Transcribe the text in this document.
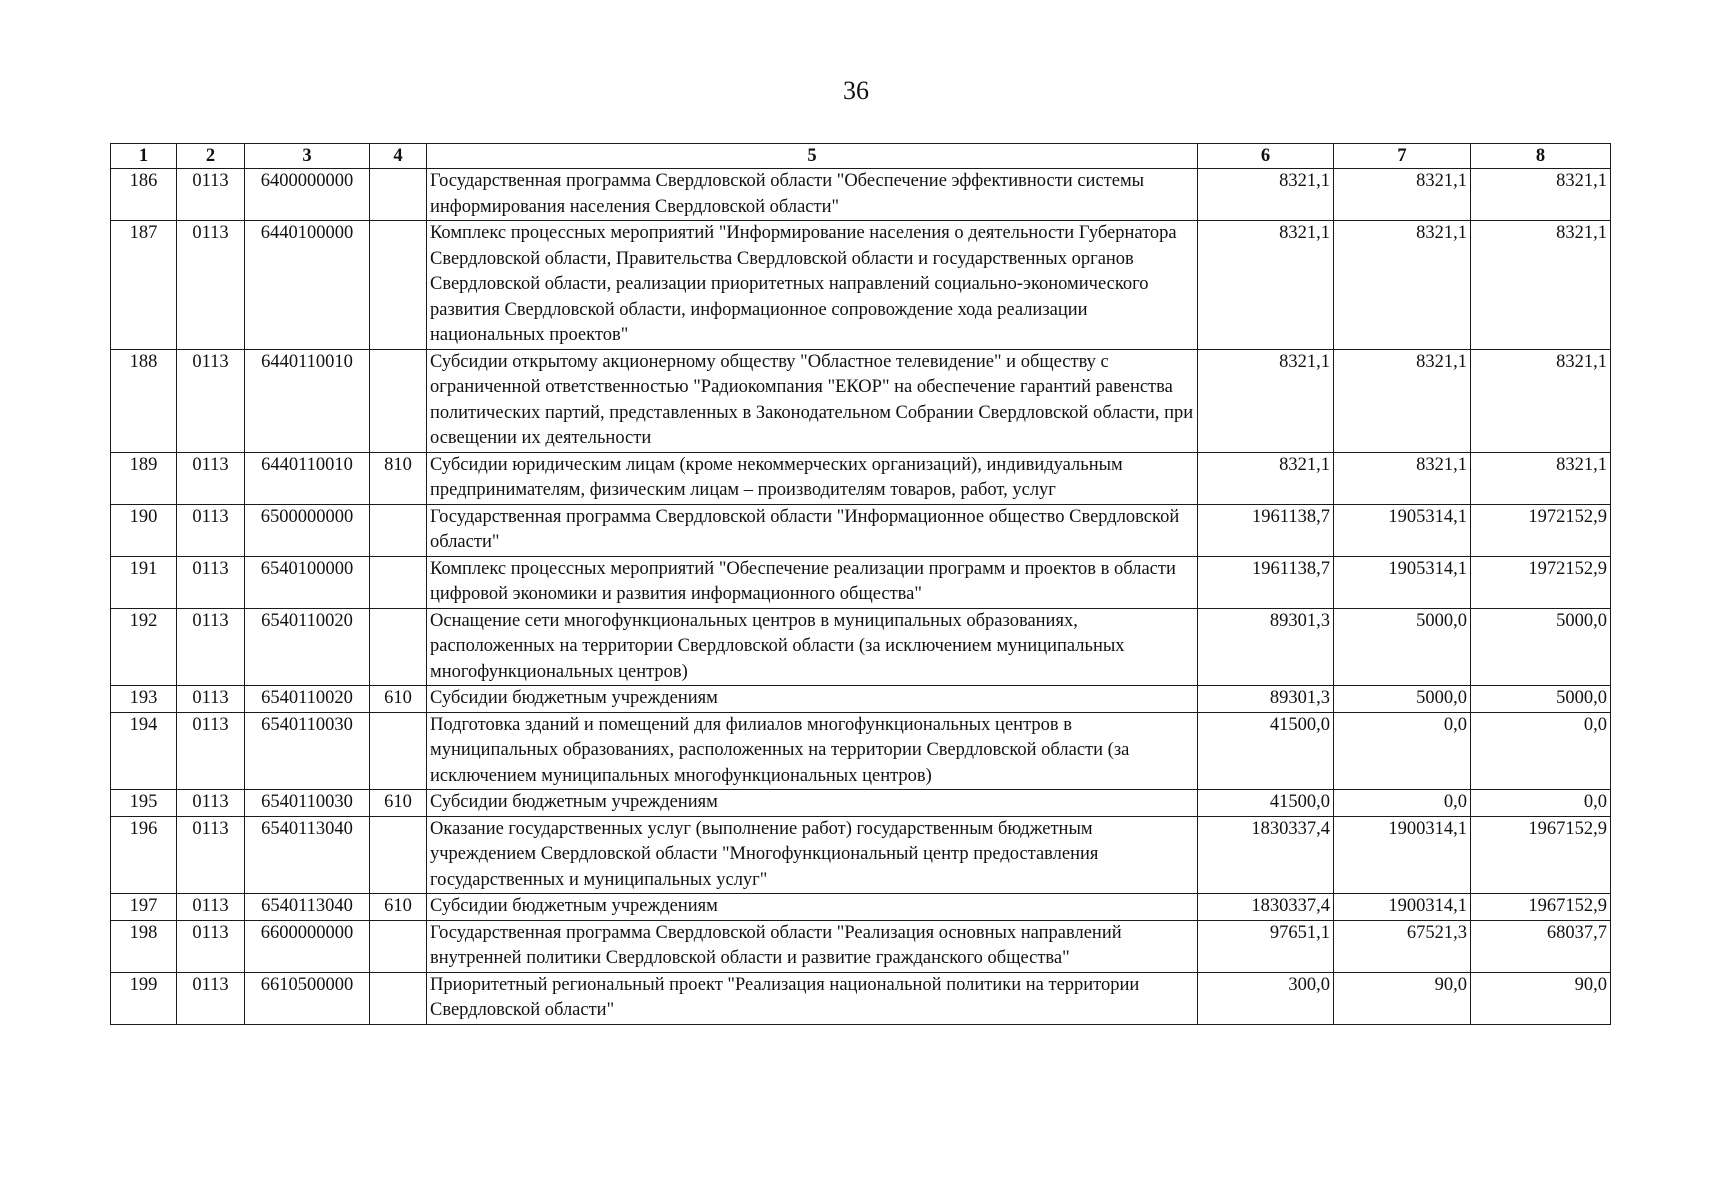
36
1	2	3	4	5	6	7	8
186	0113	6400000000		Государственная программа Свердловской области "Обеспечение эффективности системы информирования населения Свердловской области"	8321,1	8321,1	8321,1
187	0113	6440100000		Комплекс процессных мероприятий "Информирование населения о деятельности Губернатора Свердловской области, Правительства Свердловской области и государственных органов Свердловской области, реализации приоритетных направлений социально-экономического развития Свердловской области, информационное сопровождение хода реализации национальных проектов"	8321,1	8321,1	8321,1
188	0113	6440110010		Субсидии открытому акционерному обществу "Областное телевидение" и обществу с ограниченной ответственностью "Радиокомпания "ЕКОР" на обеспечение гарантий равенства политических партий, представленных в Законодательном Собрании Свердловской области, при освещении их деятельности	8321,1	8321,1	8321,1
189	0113	6440110010	810	Субсидии юридическим лицам (кроме некоммерческих организаций), индивидуальным предпринимателям, физическим лицам – производителям товаров, работ, услуг	8321,1	8321,1	8321,1
190	0113	6500000000		Государственная программа Свердловской области "Информационное общество Свердловской области"	1961138,7	1905314,1	1972152,9
191	0113	6540100000		Комплекс процессных мероприятий "Обеспечение реализации программ и проектов в области цифровой экономики и развития информационного общества"	1961138,7	1905314,1	1972152,9
192	0113	6540110020		Оснащение сети многофункциональных центров в муниципальных образованиях, расположенных на территории Свердловской области (за исключением муниципальных многофункциональных центров)	89301,3	5000,0	5000,0
193	0113	6540110020	610	Субсидии бюджетным учреждениям	89301,3	5000,0	5000,0
194	0113	6540110030		Подготовка зданий и помещений для филиалов многофункциональных центров в муниципальных образованиях, расположенных на территории Свердловской области (за исключением муниципальных многофункциональных центров)	41500,0	0,0	0,0
195	0113	6540110030	610	Субсидии бюджетным учреждениям	41500,0	0,0	0,0
196	0113	6540113040		Оказание государственных услуг (выполнение работ) государственным бюджетным учреждением Свердловской области "Многофункциональный центр предоставления государственных и муниципальных услуг"	1830337,4	1900314,1	1967152,9
197	0113	6540113040	610	Субсидии бюджетным учреждениям	1830337,4	1900314,1	1967152,9
198	0113	6600000000		Государственная программа Свердловской области "Реализация основных направлений внутренней политики Свердловской области и развитие гражданского общества"	97651,1	67521,3	68037,7
199	0113	6610500000		Приоритетный региональный проект "Реализация национальной политики на территории Свердловской области"	300,0	90,0	90,0
